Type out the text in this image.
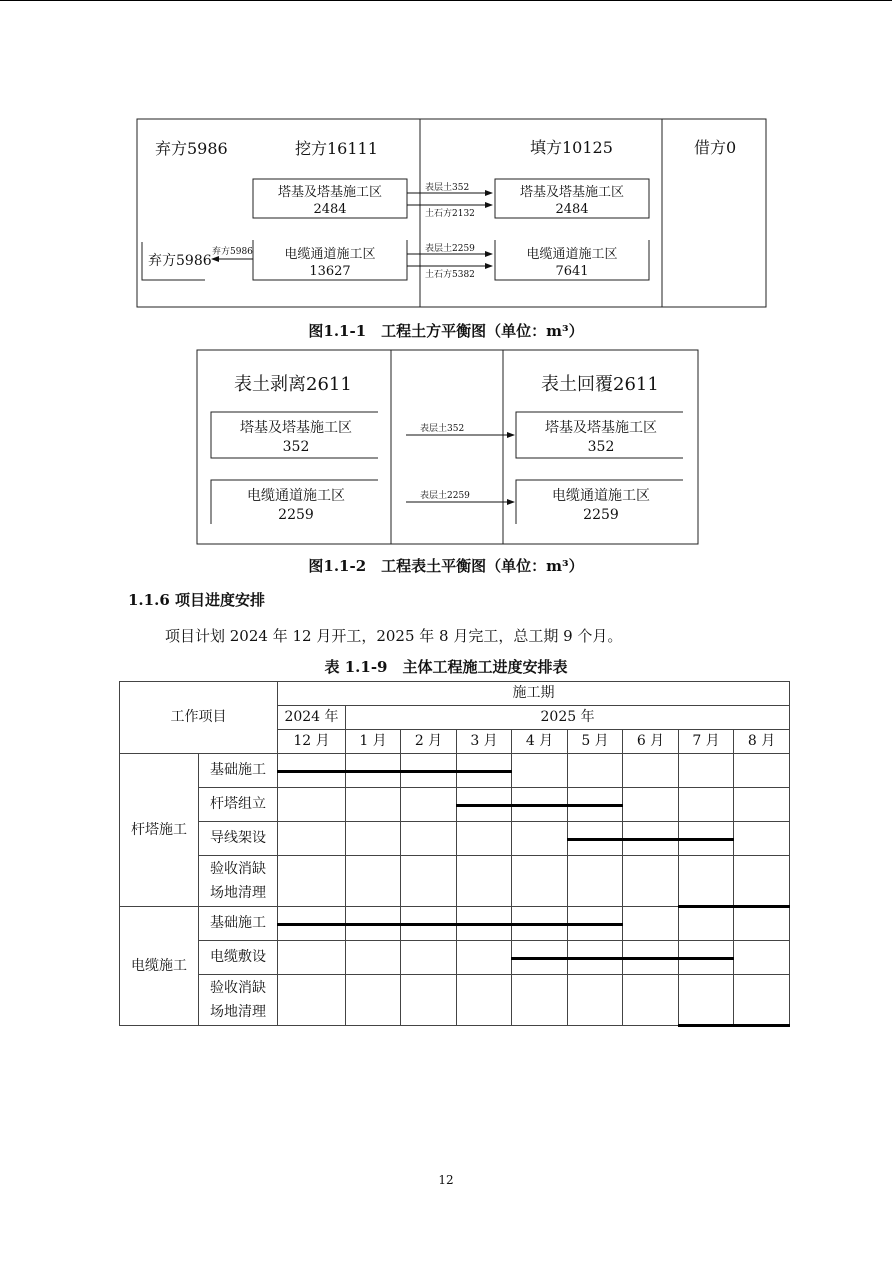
弃方5986	挖方16111	填方10125	借方0
塔基及塔基施工区
2484
塔基及塔基施工区
2484
表层土352
土石方2132
电缆通道施工区
13627
电缆通道施工区
7641
表层土2259
土石方5382
弃方5986
弃方5986
图1.1-1　工程土方平衡图（单位：m³）
表土剥离2611	表土回覆2611
塔基及塔基施工区
352
塔基及塔基施工区
352
表层土352
电缆通道施工区
2259
电缆通道施工区
2259
表层土2259
图1.1-2　工程表土平衡图（单位：m³）
1.1.6 项目进度安排
项目计划 2024 年 12 月开工，2025 年 8 月完工，总工期 9 个月。
表 1.1-9　主体工程施工进度安排表
工作项目		施工期								
		2024 年	2025 年							
		12 月	1 月	2 月	3 月	4 月	5 月	6 月	7 月	8 月
杆塔施工	基础施工									

	杆塔组立									

	导线架设									

	验收消缺
场地清理									

电缆施工	基础施工									

	电缆敷设									

	验收消缺
场地清理									

12
